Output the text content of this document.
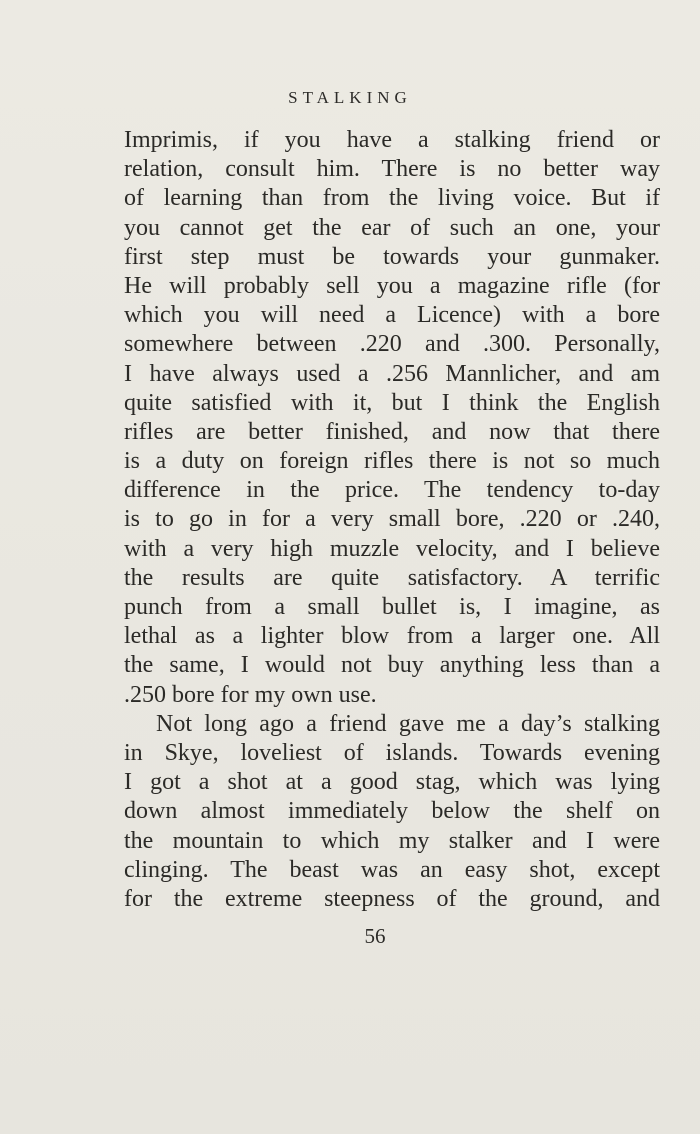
STALKING
Imprimis, if you have a stalking friend or
relation, consult him. There is no better way
of learning than from the living voice. But if
you cannot get the ear of such an one, your
first step must be towards your gunmaker.
He will probably sell you a magazine rifle (for
which you will need a Licence) with a bore
somewhere between .220 and .300. Personally,
I have always used a .256 Mannlicher, and am
quite satisfied with it, but I think the English
rifles are better finished, and now that there
is a duty on foreign rifles there is not so much
difference in the price. The tendency to-day
is to go in for a very small bore, .220 or .240,
with a very high muzzle velocity, and I believe
the results are quite satisfactory. A terrific
punch from a small bullet is, I imagine, as
lethal as a lighter blow from a larger one. All
the same, I would not buy anything less than a
.250 bore for my own use.
Not long ago a friend gave me a day’s stalking
in Skye, loveliest of islands. Towards evening
I got a shot at a good stag, which was lying
down almost immediately below the shelf on
the mountain to which my stalker and I were
clinging. The beast was an easy shot, except
for the extreme steepness of the ground, and
56
